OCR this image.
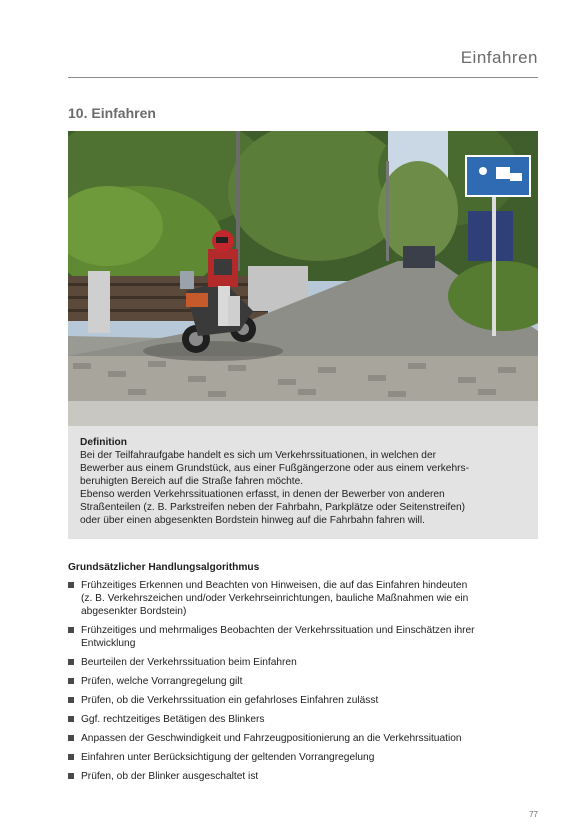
Einfahren
10. Einfahren
Definition

Bei der Teilfahraufgabe handelt es sich um Verkehrssituationen, in welchen der
Bewerber aus einem Grundstück, aus einer Fußgängerzone oder aus einem verkehrs-
beruhigten Bereich auf die Straße fahren möchte.
Ebenso werden Verkehrssituationen erfasst, in denen der Bewerber von anderen
Straßenteilen (z. B. Parkstreifen neben der Fahrbahn, Parkplätze oder Seitenstreifen)
oder über einen abgesenkten Bordstein hinweg auf die Fahrbahn fahren will.

Grundsätzlicher Handlungsalgorithmus
Frühzeitiges Erkennen und Beachten von Hinweisen, die auf das Einfahren hindeuten
(z. B. Verkehrszeichen und/oder Verkehrseinrichtungen, bauliche Maßnahmen wie ein
abgesenkter Bordstein)
Frühzeitiges und mehrmaliges Beobachten der Verkehrssituation und Einschätzen ihrer
Entwicklung
Beurteilen der Verkehrssituation beim Einfahren
Prüfen, welche Vorrangregelung gilt
Prüfen, ob die Verkehrssituation ein gefahrloses Einfahren zulässt
Ggf. rechtzeitiges Betätigen des Blinkers
Anpassen der Geschwindigkeit und Fahrzeugpositionierung an die Verkehrssituation
Einfahren unter Berücksichtigung der geltenden Vorrangregelung
Prüfen, ob der Blinker ausgeschaltet ist
77
